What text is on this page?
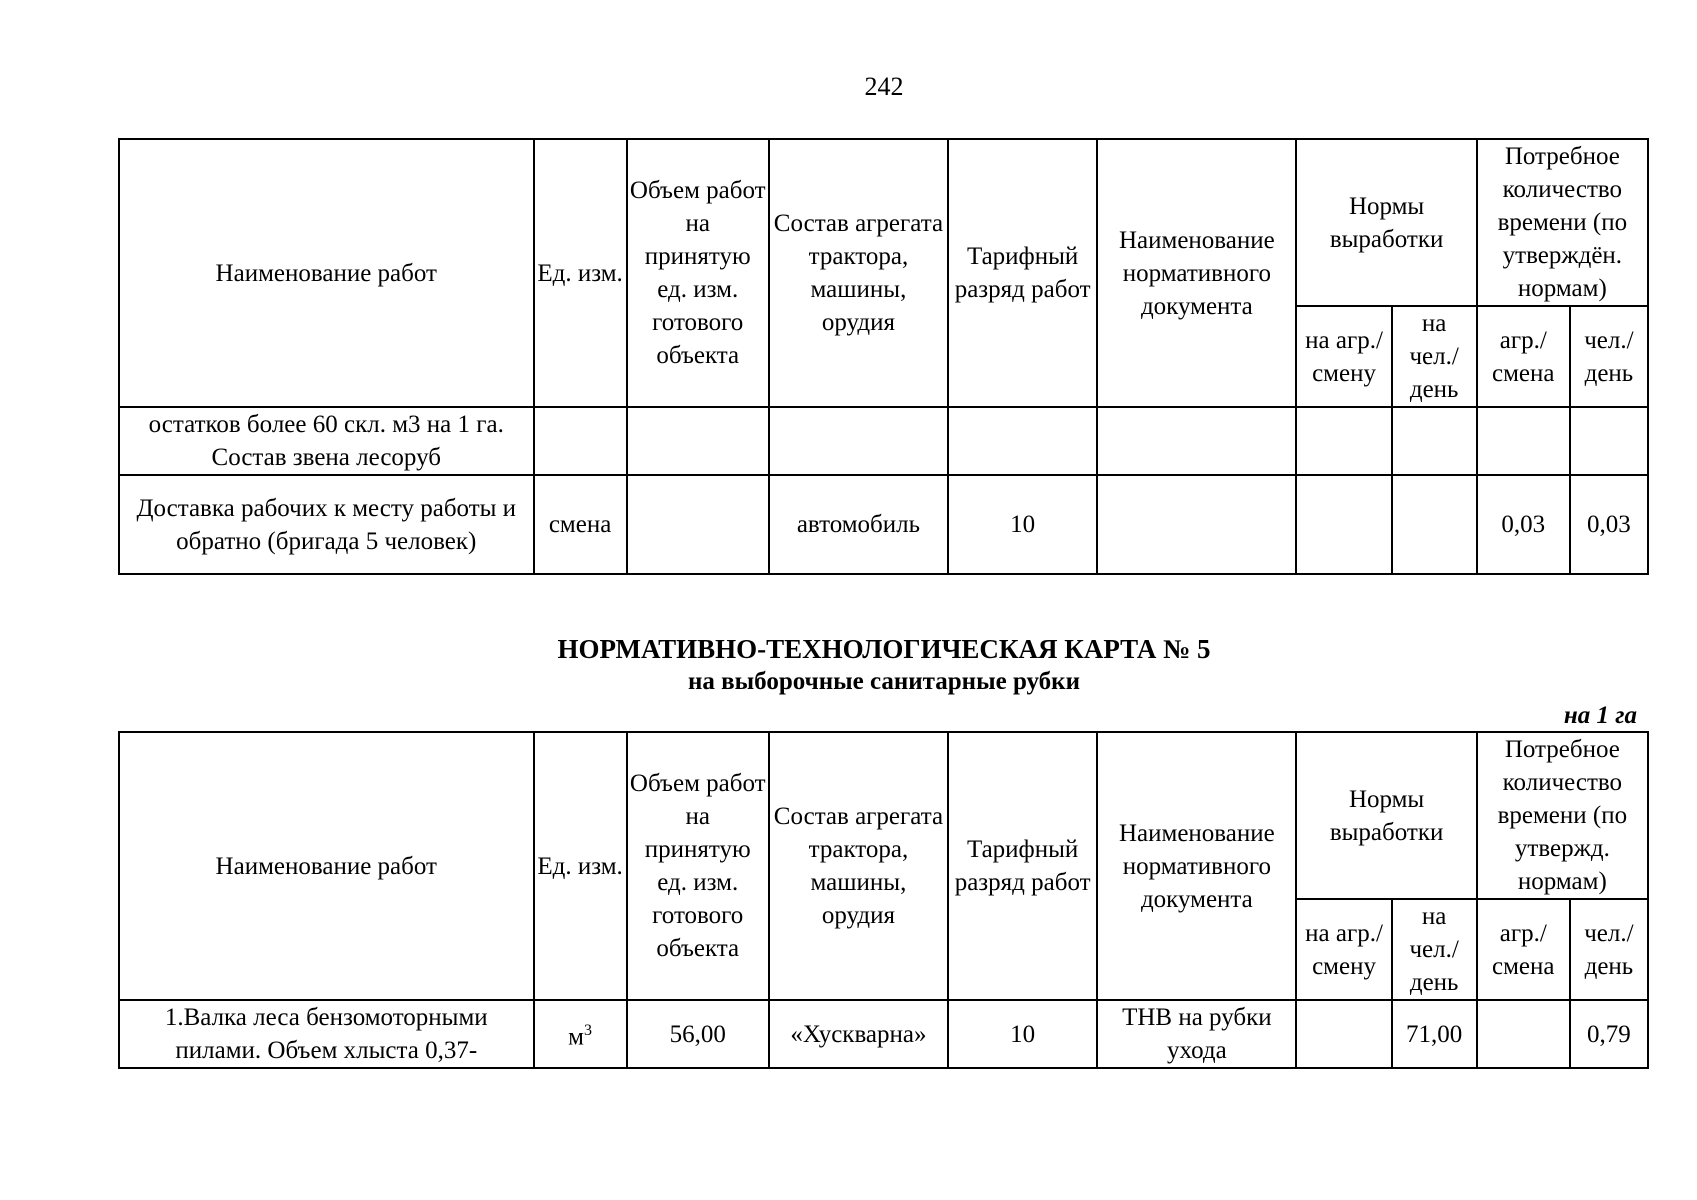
242
Наименование работ	Ед. изм.	Объем работ на принятую ед. изм. готового объекта	Состав агрегата трактора, машины, орудия	Тарифный разряд работ	Наименование нормативного документа	Нормы выработки		Потребное количество времени (по утверждён. нормам)	
						на агр./ смену	на чел./ день	агр./ смена	чел./ день
остатков более 60 скл. м3 на 1 га. Состав звена лесоруб									
Доставка рабочих к месту работы и обратно (бригада 5 человек)	смена		автомобиль	10				0,03	0,03
НОРМАТИВНО-ТЕХНОЛОГИЧЕСКАЯ КАРТА № 5
на выборочные санитарные рубки
на 1 га
Наименование работ	Ед. изм.	Объем работ на принятую ед. изм. готового объекта	Состав агрегата трактора, машины, орудия	Тарифный разряд работ	Наименование нормативного документа	Нормы выработки		Потребное количество времени (по утвержд. нормам)	
						на агр./ смену	на чел./ день	агр./ смена	чел./ день
1.Валка леса бензомоторными пилами. Объем хлыста 0,37-	$м^3$	56,00	«Хускварна»	10	ТНВ на рубки ухода		71,00		0,79
